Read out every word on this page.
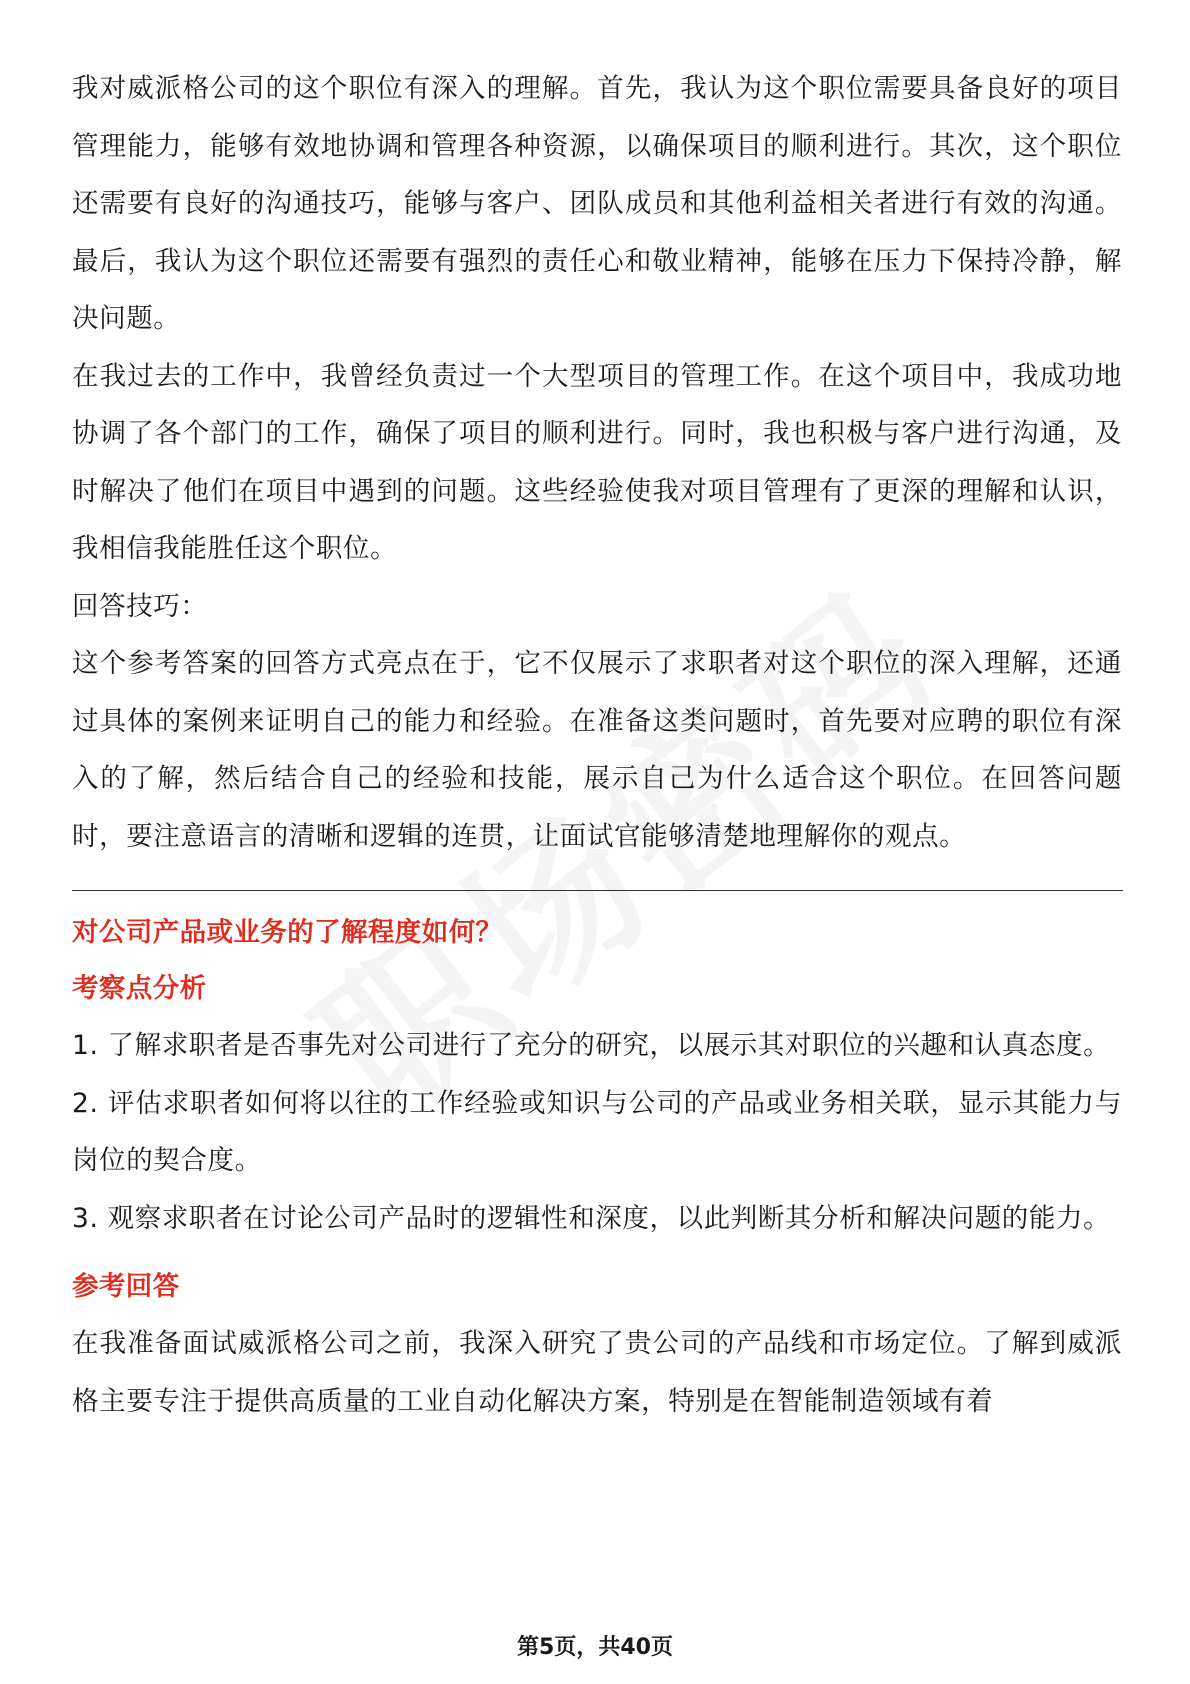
我对威派格公司的这个职位有深入的理解。首先，我认为这个职位需要具备良好的项目管理能力，能够有效地协调和管理各种资源，以确保项目的顺利进行。其次，这个职位还需要有良好的沟通技巧，能够与客户、团队成员和其他利益相关者进行有效的沟通。最后，我认为这个职位还需要有强烈的责任心和敬业精神，能够在压力下保持冷静，解决问题。

在我过去的工作中，我曾经负责过一个大型项目的管理工作。在这个项目中，我成功地协调了各个部门的工作，确保了项目的顺利进行。同时，我也积极与客户进行沟通，及时解决了他们在项目中遇到的问题。这些经验使我对项目管理有了更深的理解和认识，我相信我能胜任这个职位。

回答技巧：

这个参考答案的回答方式亮点在于，它不仅展示了求职者对这个职位的深入理解，还通过具体的案例来证明自己的能力和经验。在准备这类问题时，首先要对应聘的职位有深入的了解，然后结合自己的经验和技能，展示自己为什么适合这个职位。在回答问题时，要注意语言的清晰和逻辑的连贯，让面试官能够清楚地理解你的观点。

对公司产品或业务的了解程度如何？

考察点分析

1. 了解求职者是否事先对公司进行了充分的研究，以展示其对职位的兴趣和认真态度。
2. 评估求职者如何将以往的工作经验或知识与公司的产品或业务相关联，显示其能力与岗位的契合度。
3. 观察求职者在讨论公司产品时的逻辑性和深度，以此判断其分析和解决问题的能力。

参考回答

在我准备面试威派格公司之前，我深入研究了贵公司的产品线和市场定位。了解到威派格主要专注于提供高质量的工业自动化解决方案，特别是在智能制造领域有着

第5页，共40页
